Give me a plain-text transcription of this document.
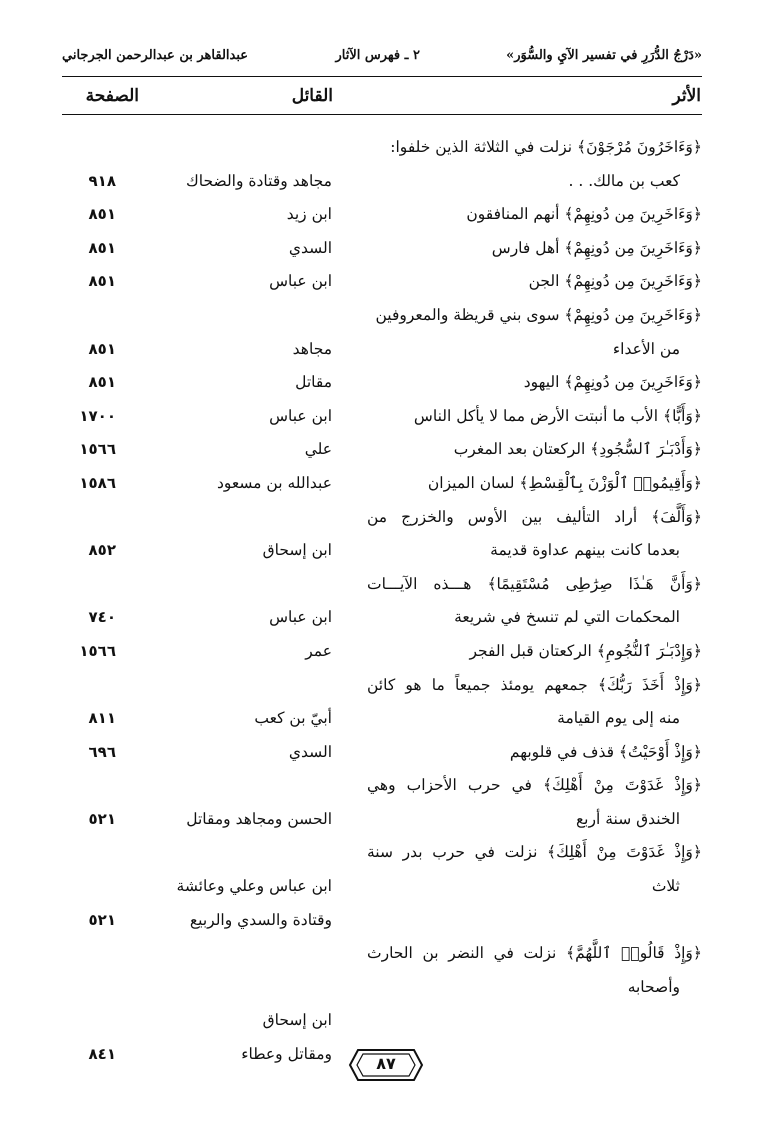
«دَرْجُ الدُّرَرِ في تفسير الآيِ والسُّوَر»
٢ ـ فهرس الآثار
عبدالقاهر بن عبدالرحمن الجرجاني
الأثر
القائل
الصفحة
﴿وَءَاخَرُونَ مُرْجَوْنَ﴾ نزلت في الثلاثة الذين خلفوا:
كعب بن مالك. . .
مجاهد وقتادة والضحاك
٩١٨
﴿وَءَاخَرِينَ مِن دُونِهِمْ﴾ أنهم المنافقون
ابن زيد
٨٥١
﴿وَءَاخَرِينَ مِن دُونِهِمْ﴾ أهل فارس
السدي
٨٥١
﴿وَءَاخَرِينَ مِن دُونِهِمْ﴾ الجن
ابن عباس
٨٥١
﴿وَءَاخَرِينَ مِن دُونِهِمْ﴾ سوى بني قريظة والمعروفين
من الأعداء
مجاهد
٨٥١
﴿وَءَاخَرِينَ مِن دُونِهِمْ﴾ اليهود
مقاتل
٨٥١
﴿وَأَبًّا﴾ الأب ما أنبتت الأرض مما لا يأكل الناس
ابن عباس
١٧٠٠
﴿وَأَدْبَـٰرَ ٱلسُّجُودِ﴾ الركعتان بعد المغرب
علي
١٥٦٦
﴿وَأَقِيمُوا۟ ٱلْوَزْنَ بِٱلْقِسْطِ﴾ لسان الميزان
عبدالله بن مسعود
١٥٨٦
﴿وَأَلَّفَ﴾ أراد التأليف بين الأوس والخزرج من
بعدما كانت بينهم عداوة قديمة
ابن إسحاق
٨٥٢
﴿وَأَنَّ هَـٰذَا صِرَٰطِى مُسْتَقِيمًا﴾ هـــذه الآيـــات
المحكمات التي لم تنسخ في شريعة
ابن عباس
٧٤٠
﴿وَإِدْبَـٰرَ ٱلنُّجُومِ﴾ الركعتان قبل الفجر
عمر
١٥٦٦
﴿وَإِذْ أَخَذَ رَبُّكَ﴾ جمعهم يومئذ جميعاً ما هو كائن
منه إلى يوم القيامة
أبيّ بن كعب
٨١١
﴿وَإِذْ أَوْحَيْتُ﴾ قذف في قلوبهم
السدي
٦٩٦
﴿وَإِذْ غَدَوْتَ مِنْ أَهْلِكَ﴾ في حرب الأحزاب وهي
الخندق سنة أربع
الحسن ومجاهد ومقاتل
٥٢١
﴿وَإِذْ غَدَوْتَ مِنْ أَهْلِكَ﴾ نزلت في حرب بدر سنة
ثلاث
ابن عباس وعلي وعائشة
وقتادة والسدي والربيع
٥٢١
﴿وَإِذْ قَالُوا۟ ٱللَّهُمَّ﴾ نزلت في النضر بن الحارث
وأصحابه
ابن إسحاق
ومقاتل وعطاء
٨٤١	٨٧
